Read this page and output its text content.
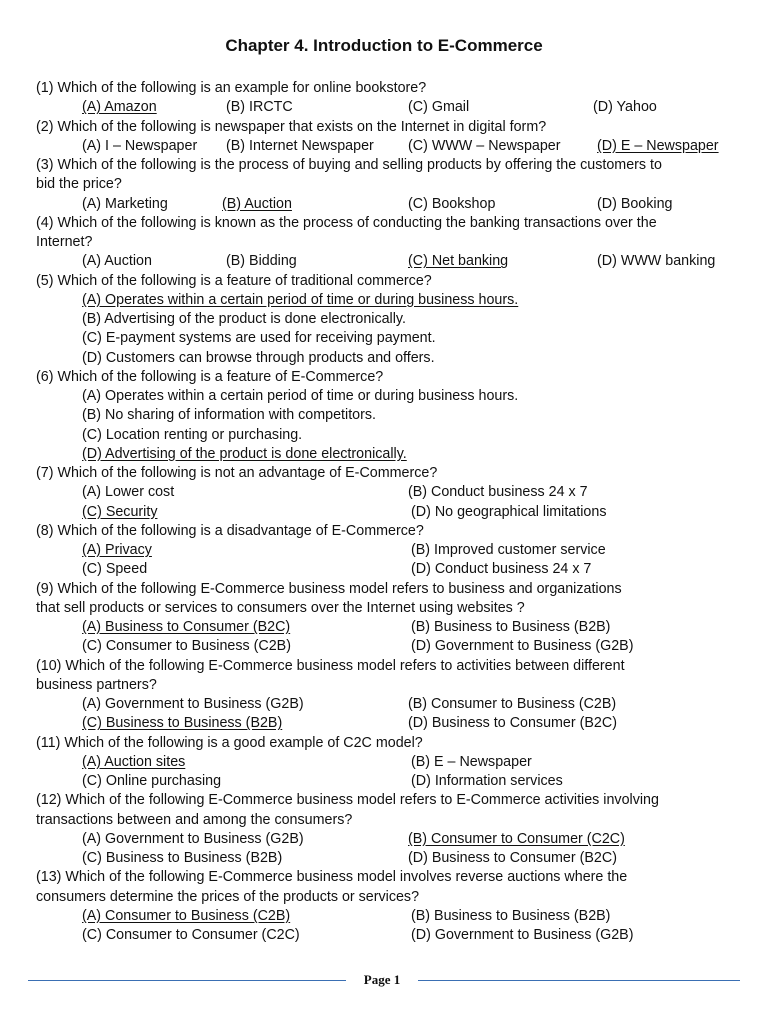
Chapter 4. Introduction to E-Commerce
(1) Which of the following is an example for online bookstore?
(A) Amazon	(B) IRCTC	(C) Gmail	(D) Yahoo
(2) Which of the following is newspaper that exists on the Internet in digital form?
(A) I – Newspaper (B) Internet Newspaper (C) WWW – Newspaper	(D) E – Newspaper
(3) Which of the following is the process of buying and selling products by offering the customers to
bid the price?
(A) Marketing	(B) Auction	(C) Bookshop	(D) Booking
(4) Which of the following is known as the process of conducting the banking transactions over the
Internet?
(A) Auction	(B) Bidding	(C) Net banking	(D) WWW banking
(5) Which of the following is a feature of traditional commerce?
(A) Operates within a certain period of time or during business hours.
(B) Advertising of the product is done electronically.
(C) E-payment systems are used for receiving payment.
(D) Customers can browse through products and offers.
(6) Which of the following is a feature of E-Commerce?
(A) Operates within a certain period of time or during business hours.
(B) No sharing of information with competitors.
(C) Location renting or purchasing.
(D) Advertising of the product is done electronically.
(7) Which of the following is not an advantage of E-Commerce?
(A) Lower cost	(B) Conduct business 24 x 7
(C) Security	(D) No geographical limitations
(8) Which of the following is a disadvantage of E-Commerce?
(A) Privacy	(B) Improved customer service
(C) Speed	(D) Conduct business 24 x 7
(9) Which of the following E-Commerce business model refers to business and organizations
that sell products or services to consumers over the Internet using websites ?
(A) Business to Consumer (B2C)	(B) Business to Business (B2B)
(C) Consumer to Business (C2B)	(D) Government to Business (G2B)
(10) Which of the following E-Commerce business model refers to activities between different
business partners?
(A) Government to Business (G2B)	(B) Consumer to Business (C2B)
(C) Business to Business (B2B)	(D) Business to Consumer (B2C)
(11) Which of the following is a good example of C2C model?
(A) Auction sites	(B) E – Newspaper
(C) Online purchasing	(D) Information services
(12) Which of the following E-Commerce business model refers to E-Commerce activities involving
transactions between and among the consumers?
(A) Government to Business (G2B)	(B) Consumer to Consumer (C2C)
(C) Business to Business (B2B)	(D) Business to Consumer (B2C)
(13) Which of the following E-Commerce business model involves reverse auctions where the
consumers determine the prices of the products or services?
(A) Consumer to Business (C2B)	(B) Business to Business (B2B)
(C) Consumer to Consumer (C2C)	(D) Government to Business (G2B)
Page 1
